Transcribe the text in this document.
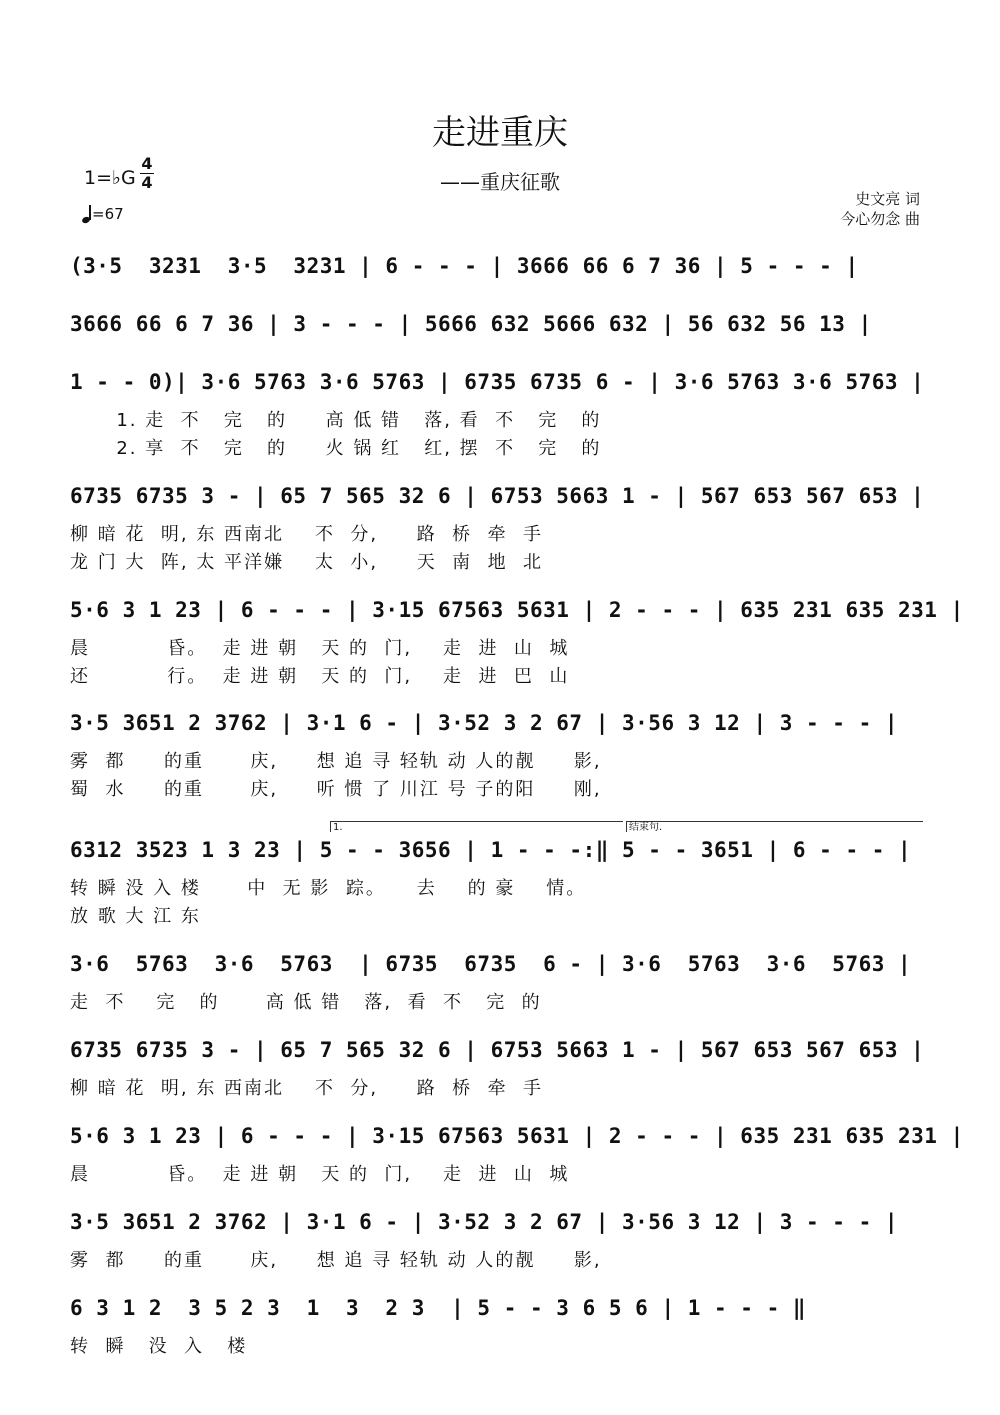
走进重庆
——重庆征歌
1=♭G
4
4
=67
史文亮 词
今心勿念 曲
(3·5  3231  3·5  3231 | 6 - - - | 3666 66 6 7 36 | 5 - - - |
3666 66 6 7 36 | 3 - - - | 5666 632 5666 632 | 56 632 56 13 |
1 - - 0)| 3·6 5763 3·6 5763 | 6735 6735 6 - | 3·6 5763 3·6 5763 |
1. 走  不   完   的     高 低 错   落, 看  不   完   的
2. 享  不   完   的     火 锅 红   红, 摆  不   完   的
6735 6735 3 - | 65 7 565 32 6 | 6753 5663 1 - | 567 653 567 653 |
柳 暗 花  明, 东 西南北    不  分,     路  桥  牵  手
龙 门 大  阵, 太 平洋嫌    太  小,     天  南  地  北
5·6 3 1 23 | 6 - - - | 3·15 67563 5631 | 2 - - - | 635 231 635 231 |
晨          昏。  走 进 朝   天 的  门,    走  进  山  城
还          行。  走 进 朝   天 的  门,    走  进  巴  山
3·5 3651 2 3762 | 3·1 6 - | 3·52 3 2 67 | 3·56 3 12 | 3 - - - |
雾  都     的重      庆,     想 追 寻 轻轨 动 人的靓     影,
蜀  水     的重      庆,     听 惯 了 川江 号 子的阳     刚,
6312 3523 1 3 23 | 5 - - 3656 | 1 - - -:‖ 5 - - 3651 | 6 - - - |
转 瞬 没 入 楼      中  无 影  踪。    去    的 豪    情。
放 歌 大 江 东
3·6  5763  3·6  5763  | 6735  6735  6 - | 3·6  5763  3·6  5763 |
走  不    完   的      高 低 错   落,  看  不   完  的
6735 6735 3 - | 65 7 565 32 6 | 6753 5663 1 - | 567 653 567 653 |
柳 暗 花  明, 东 西南北    不  分,     路  桥  牵  手
5·6 3 1 23 | 6 - - - | 3·15 67563 5631 | 2 - - - | 635 231 635 231 |
晨          昏。  走 进 朝   天 的  门,    走  进  山  城
3·5 3651 2 3762 | 3·1 6 - | 3·52 3 2 67 | 3·56 3 12 | 3 - - - |
雾  都     的重      庆,     想 追 寻 轻轨 动 人的靓     影,
6 3 1 2  3 5 2 3  1  3  2 3  | 5 - - 3 6 5 6 | 1 - - - ‖
转  瞬   没  入   楼
1.	结束句.
